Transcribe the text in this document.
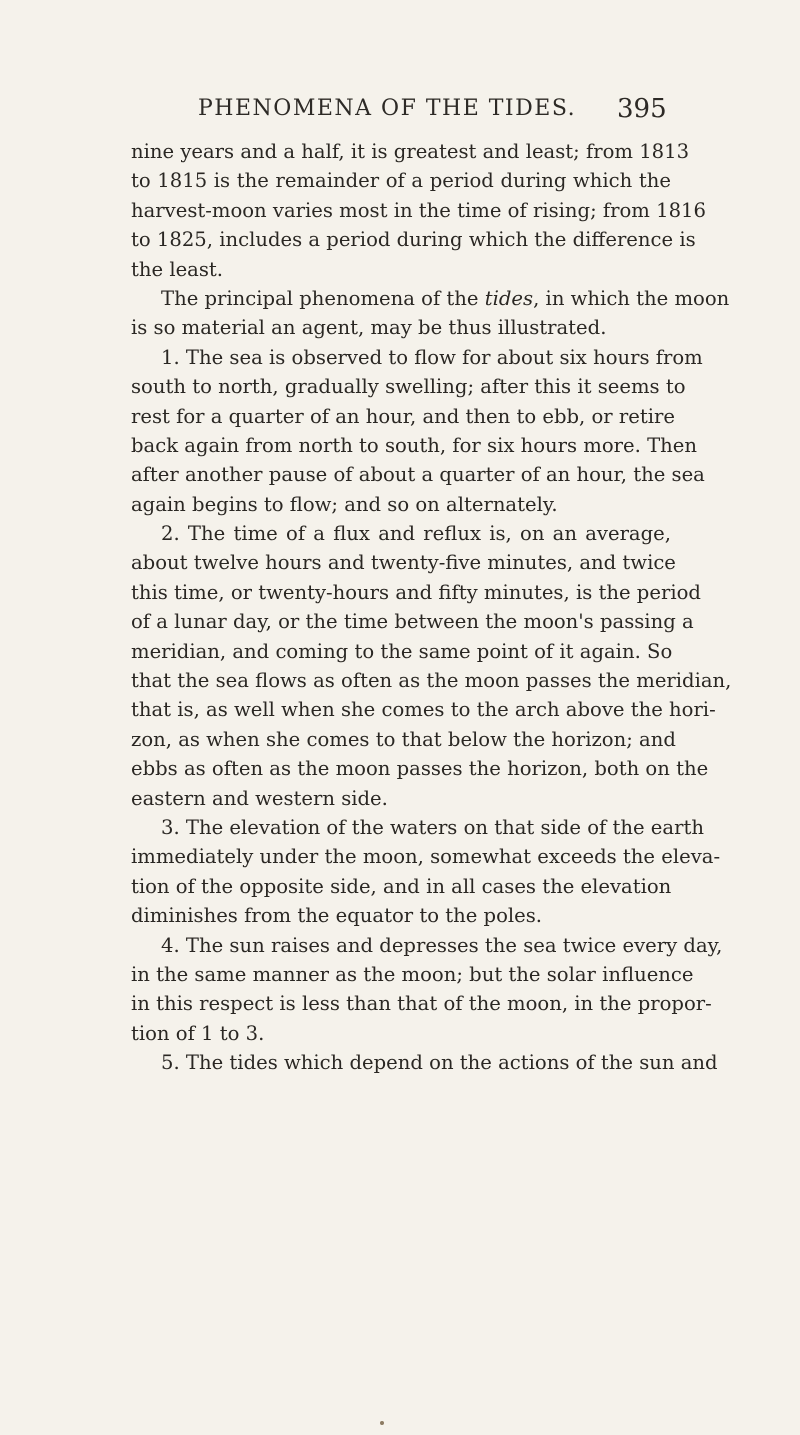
PHENOMENA OF THE TIDES. 395
nine years and a half, it is greatest and least; from 1813
to 1815 is the remainder of a period during which the
harvest-moon varies most in the time of rising; from 1816
to 1825, includes a period during which the difference is
the least.
The principal phenomena of the tides, in which the moon
is so material an agent, may be thus illustrated.
1. The sea is observed to flow for about six hours from
south to north, gradually swelling; after this it seems to
rest for a quarter of an hour, and then to ebb, or retire
back again from north to south, for six hours more. Then
after another pause of about a quarter of an hour, the sea
again begins to flow; and so on alternately.
2. The time of a flux and reflux is, on an average,
about twelve hours and twenty-five minutes, and twice
this time, or twenty-hours and fifty minutes, is the period
of a lunar day, or the time between the moon's passing a
meridian, and coming to the same point of it again. So
that the sea flows as often as the moon passes the meridian,
that is, as well when she comes to the arch above the hori-
zon, as when she comes to that below the horizon; and
ebbs as often as the moon passes the horizon, both on the
eastern and western side.
3. The elevation of the waters on that side of the earth
immediately under the moon, somewhat exceeds the eleva-
tion of the opposite side, and in all cases the elevation
diminishes from the equator to the poles.
4. The sun raises and depresses the sea twice every day,
in the same manner as the moon; but the solar influence
in this respect is less than that of the moon, in the propor-
tion of 1 to 3.
5. The tides which depend on the actions of the sun and
